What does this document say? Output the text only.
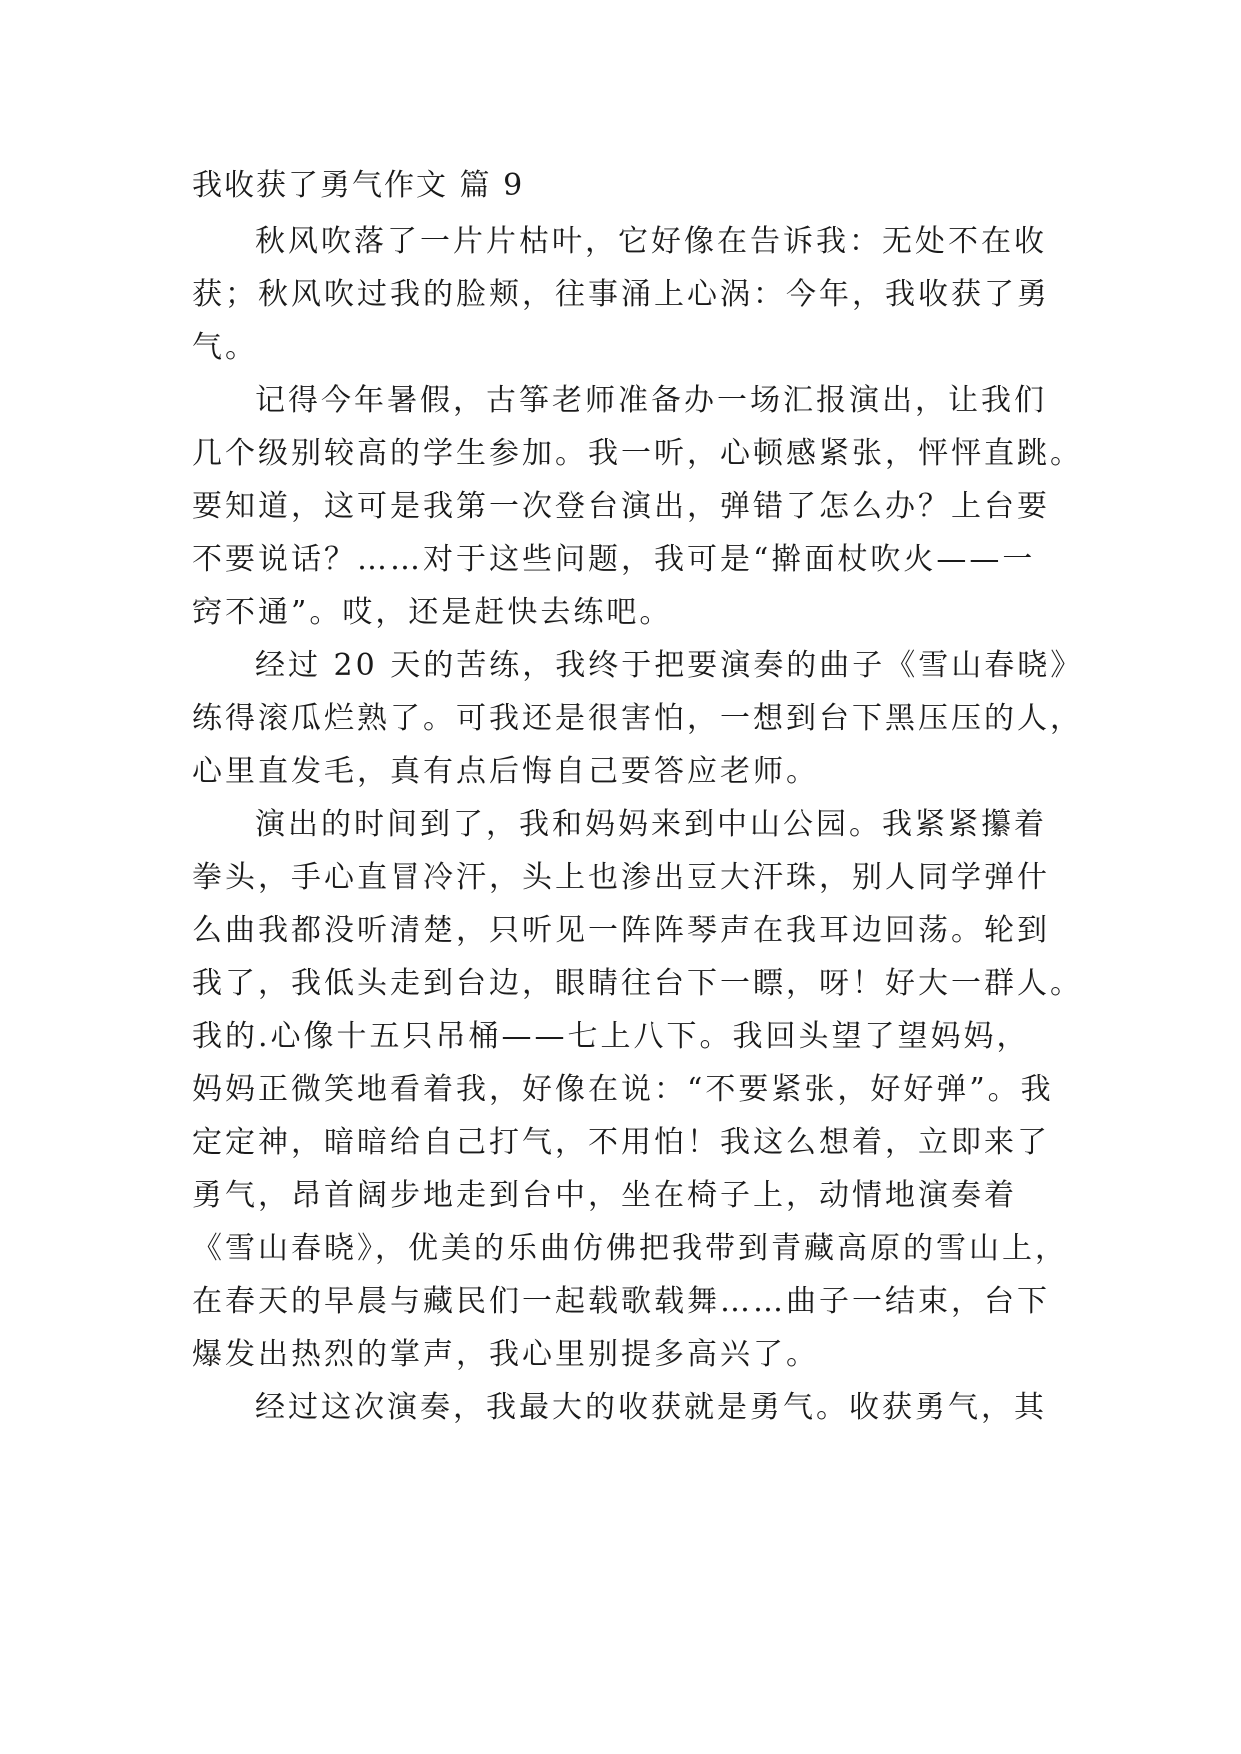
我收获了勇气作文 篇 9
秋风吹落了一片片枯叶，它好像在告诉我：无处不在收
获；秋风吹过我的脸颊，往事涌上心涡：今年，我收获了勇
气。
记得今年暑假，古筝老师准备办一场汇报演出，让我们
几个级别较高的学生参加。我一听，心顿感紧张，怦怦直跳。
要知道，这可是我第一次登台演出，弹错了怎么办？上台要
不要说话？……对于这些问题，我可是“擀面杖吹火——一
窍不通”。哎，还是赶快去练吧。
经过 20 天的苦练，我终于把要演奏的曲子《雪山春晓》
练得滚瓜烂熟了。可我还是很害怕，一想到台下黑压压的人，
心里直发毛，真有点后悔自己要答应老师。
演出的时间到了，我和妈妈来到中山公园。我紧紧攥着
拳头，手心直冒冷汗，头上也渗出豆大汗珠，别人同学弹什
么曲我都没听清楚，只听见一阵阵琴声在我耳边回荡。轮到
我了，我低头走到台边，眼睛往台下一瞟，呀！好大一群人。
我的.心像十五只吊桶——七上八下。我回头望了望妈妈，
妈妈正微笑地看着我，好像在说：“不要紧张，好好弹”。我
定定神，暗暗给自己打气，不用怕！我这么想着，立即来了
勇气，昂首阔步地走到台中，坐在椅子上，动情地演奏着
《雪山春晓》，优美的乐曲仿佛把我带到青藏高原的雪山上，
在春天的早晨与藏民们一起载歌载舞……曲子一结束，台下
爆发出热烈的掌声，我心里别提多高兴了。
经过这次演奏，我最大的收获就是勇气。收获勇气，其
